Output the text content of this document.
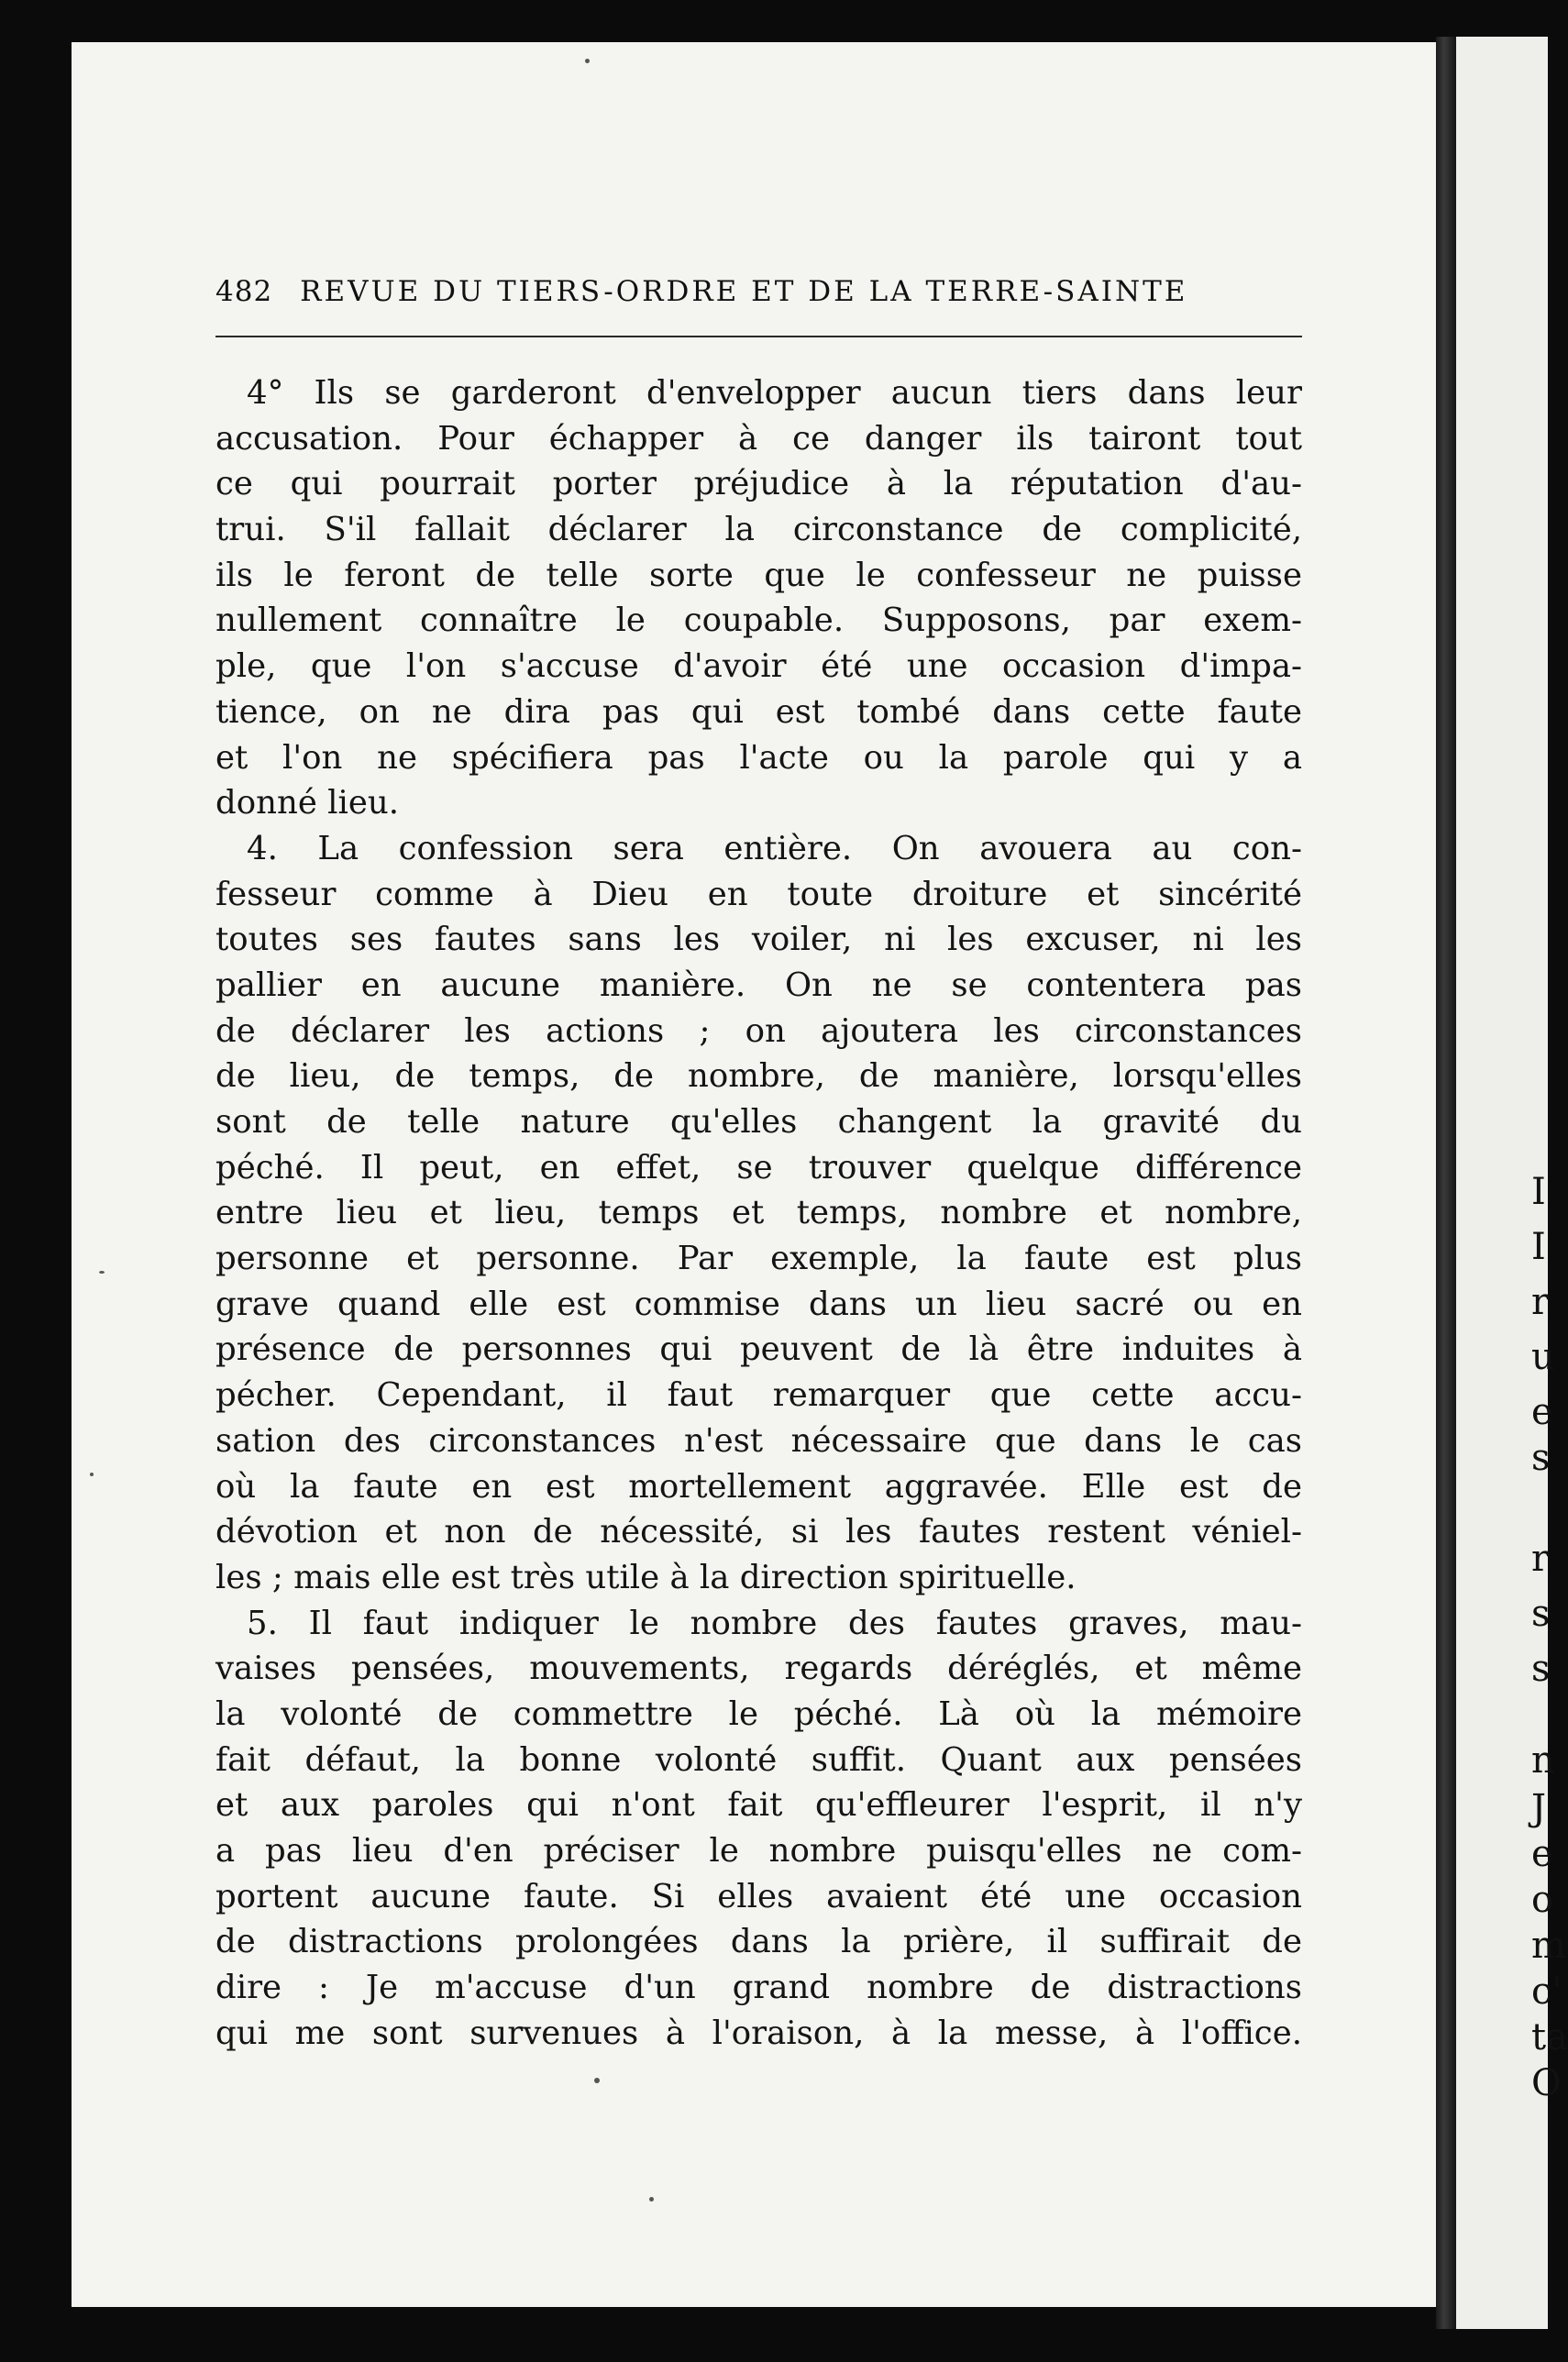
I
I
r
u
e
s
r
s
s
n
J
e
o
m
c'
ta
O
482 REVUE DU TIERS-ORDRE ET DE LA TERRE-SAINTE
4° Ils se garderont d'envelopper aucun tiers dans leur
accusation. Pour échapper à ce danger ils tairont tout
ce qui pourrait porter préjudice à la réputation d'au-
trui. S'il fallait déclarer la circonstance de complicité,
ils le feront de telle sorte que le confesseur ne puisse
nullement connaître le coupable. Supposons, par exem-
ple, que l'on s'accuse d'avoir été une occasion d'impa-
tience, on ne dira pas qui est tombé dans cette faute
et l'on ne spécifiera pas l'acte ou la parole qui y a
donné lieu.
4. La confession sera entière. On avouera au con-
fesseur comme à Dieu en toute droiture et sincérité
toutes ses fautes sans les voiler, ni les excuser, ni les
pallier en aucune manière. On ne se contentera pas
de déclarer les actions ; on ajoutera les circonstances
de lieu, de temps, de nombre, de manière, lorsqu'elles
sont de telle nature qu'elles changent la gravité du
péché. Il peut, en effet, se trouver quelque différence
entre lieu et lieu, temps et temps, nombre et nombre,
personne et personne. Par exemple, la faute est plus
grave quand elle est commise dans un lieu sacré ou en
présence de personnes qui peuvent de là être induites à
pécher. Cependant, il faut remarquer que cette accu-
sation des circonstances n'est nécessaire que dans le cas
où la faute en est mortellement aggravée. Elle est de
dévotion et non de nécessité, si les fautes restent véniel-
les ; mais elle est très utile à la direction spirituelle.
5. Il faut indiquer le nombre des fautes graves, mau-
vaises pensées, mouvements, regards déréglés, et même
la volonté de commettre le péché. Là où la mémoire
fait défaut, la bonne volonté suffit. Quant aux pensées
et aux paroles qui n'ont fait qu'effleurer l'esprit, il n'y
a pas lieu d'en préciser le nombre puisqu'elles ne com-
portent aucune faute. Si elles avaient été une occasion
de distractions prolongées dans la prière, il suffirait de
dire : Je m'accuse d'un grand nombre de distractions
qui me sont survenues à l'oraison, à la messe, à l'office.
